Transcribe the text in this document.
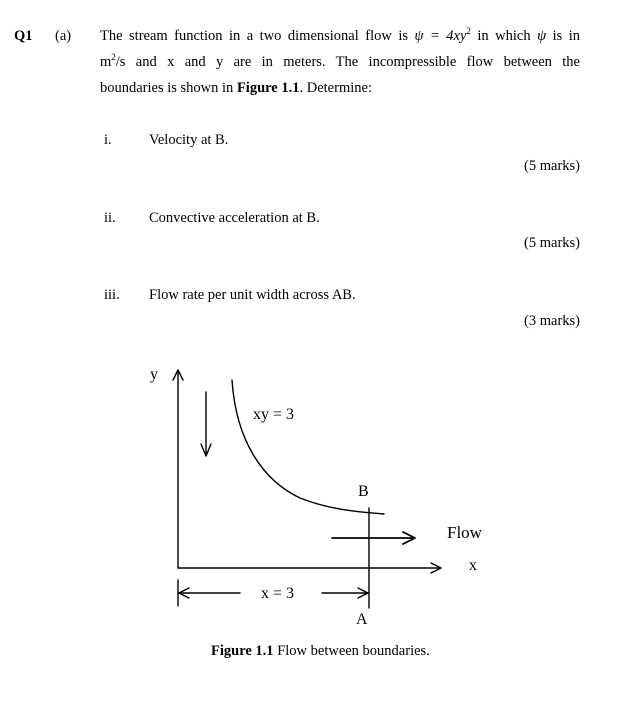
Q1 (a) The stream function in a two dimensional flow is $\psi = 4xy^2$ in which ψ is in
$m^2/s$ and x and y are in meters. The incompressible flow between the
boundaries is shown in Figure 1.1. Determine:
i.	Velocity at B.
(5 marks)
ii. Convective acceleration at B.
(5 marks)
iii. Flow rate per unit width across AB.
(3 marks)
y
x
xy = 3
B
Flow
x = 3
A
Figure 1.1 Flow between boundaries.
